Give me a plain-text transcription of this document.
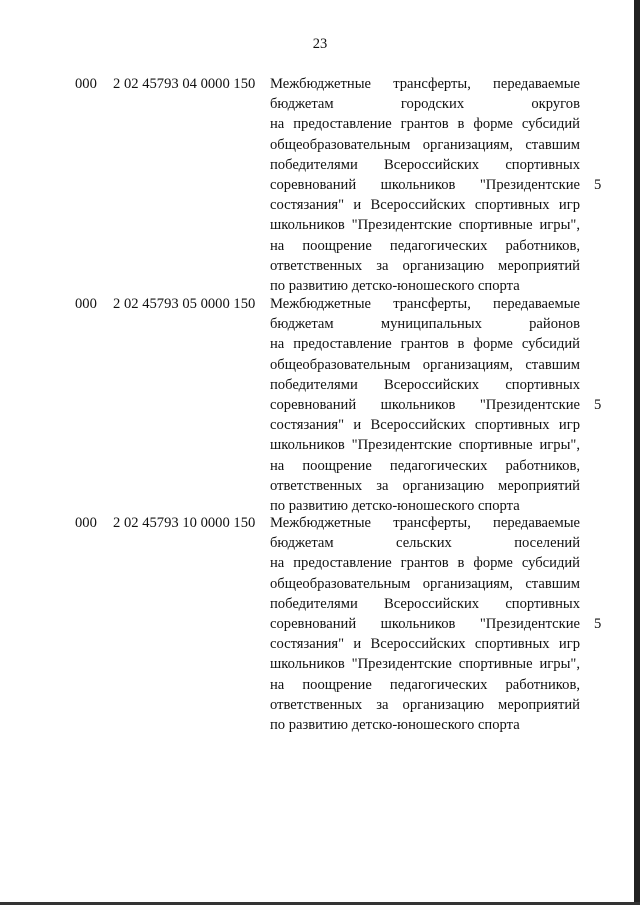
23
000 2 02 45793 04 0000 150 Межбюджетные трансферты, передаваемые
бюджетам городских округов
на предоставление грантов в форме субсидий
общеобразовательным организациям, ставшим
победителями Всероссийских спортивных
соревнований школьников "Президентские
состязания" и Всероссийских спортивных игр
школьников "Президентские спортивные игры",
на поощрение педагогических работников,
ответственных за организацию мероприятий
по развитию детско-юношеского спорта
5
000 2 02 45793 05 0000 150 Межбюджетные трансферты, передаваемые
бюджетам муниципальных районов
на предоставление грантов в форме субсидий
общеобразовательным организациям, ставшим
победителями Всероссийских спортивных
соревнований школьников "Президентские
состязания" и Всероссийских спортивных игр
школьников "Президентские спортивные игры",
на поощрение педагогических работников,
ответственных за организацию мероприятий
по развитию детско-юношеского спорта
5
000 2 02 45793 10 0000 150 Межбюджетные трансферты, передаваемые
бюджетам сельских поселений
на предоставление грантов в форме субсидий
общеобразовательным организациям, ставшим
победителями Всероссийских спортивных
соревнований школьников "Президентские
состязания" и Всероссийских спортивных игр
школьников "Президентские спортивные игры",
на поощрение педагогических работников,
ответственных за организацию мероприятий
по развитию детско-юношеского спорта
5
